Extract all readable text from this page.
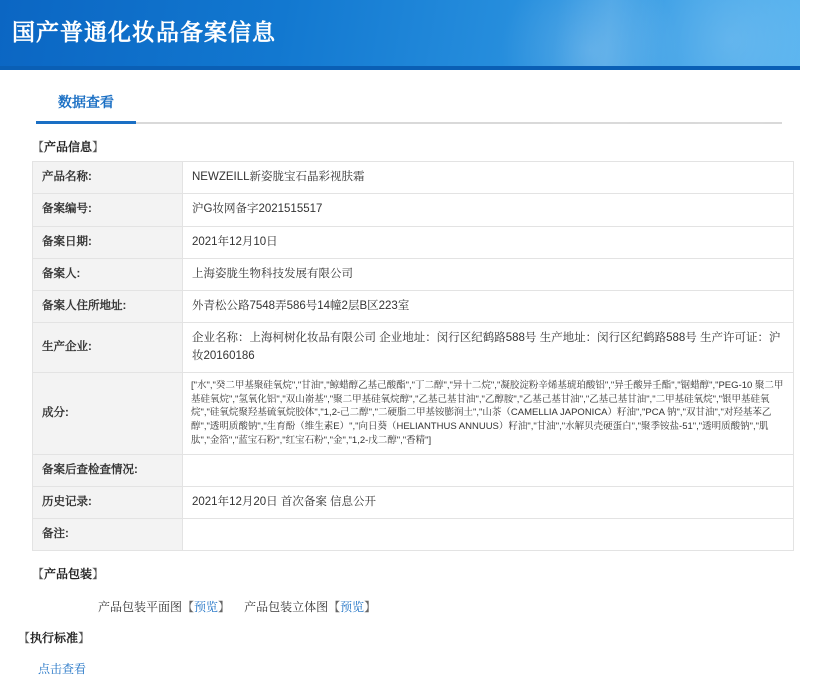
国产普通化妆品备案信息
数据查看
【产品信息】
产品名称:	NEWZEILL新姿胧宝石晶彩视肤霜
备案编号:	沪G妆网备字2021515517
备案日期:	2021年12月10日
备案人:	上海姿胧生物科技发展有限公司
备案人住所地址:	外青松公路7548弄586号14幢2层B区223室
生产企业:	企业名称：上海柯树化妆品有限公司 企业地址：闵行区纪鹤路588号 生产地址：闵行区纪鹤路588号 生产许可证：沪妆20160186
成分:	["水","癸二甲基聚硅氧烷","甘油","鲸蜡醇乙基己酸酯","丁二醇","异十二烷","凝胶淀粉辛烯基琥珀酸铝","异壬酸异壬酯","锯蜡醇","PEG-10 聚二甲基硅氧烷","氢氧化铝","双山嵛基","聚二甲基硅氧烷醇","乙基己基甘油","乙醇胺","乙基己基甘油","乙基己基甘油","二甲基硅氧烷","银甲基硅氧烷","硅氧烷聚羟基硫氧烷胶体","1,2-己二醇","二硬脂二甲基铵膨润土","山茶（CAMELLIA JAPONICA）籽油","PCA 钠","双甘油","对羟基苯乙醇","透明质酸钠","生育酚（维生素E）","向日葵（HELIANTHUS ANNUUS）籽油","甘油","水解贝壳硬蛋白","聚季铵盐-51","透明质酸钠","肌肽","金箔","蓝宝石粉","红宝石粉","金","1,2-戊二醇","香精"]
备案后查检查情况:	
历史记录:	2021年12月20日 首次备案 信息公开
备注:	
【产品包装】
产品包装平面图【预览】 产品包装立体图【预览】
【执行标准】
点击查看
